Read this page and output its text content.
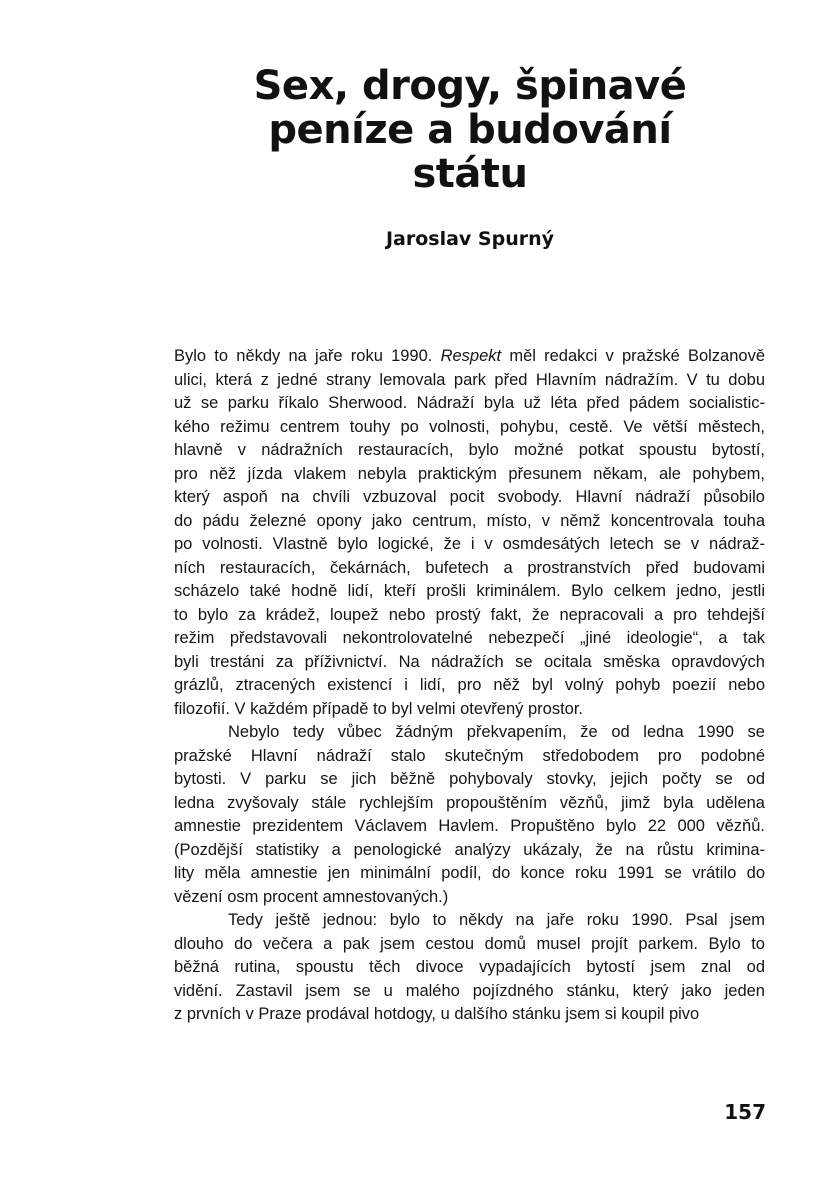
Sex, drogy, špinavé
peníze a budování
státu
Jaroslav Spurný
Bylo to někdy na jaře roku 1990. Respekt měl redakci v pražské Bolzanově
ulici, která z jedné strany lemovala park před Hlavním nádražím. V tu dobu
už se parku říkalo Sherwood. Nádraží byla už léta před pádem socialistic-
kého režimu centrem touhy po volnosti, pohybu, cestě. Ve větší městech,
hlavně v nádražních restauracích, bylo možné potkat spoustu bytostí,
pro něž jízda vlakem nebyla praktickým přesunem někam, ale pohybem,
který aspoň na chvíli vzbuzoval pocit svobody. Hlavní nádraží působilo
do pádu železné opony jako centrum, místo, v němž koncentrovala touha
po volnosti. Vlastně bylo logické, že i v osmdesátých letech se v nádraž-
ních restauracích, čekárnách, bufetech a prostranstvích před budovami
scházelo také hodně lidí, kteří prošli kriminálem. Bylo celkem jedno, jestli
to bylo za krádež, loupež nebo prostý fakt, že nepracovali a pro tehdejší
režim představovali nekontrolovatelné nebezpečí „jiné ideologie“, a tak
byli trestáni za příživnictví. Na nádražích se ocitala směska opravdových
grázlů, ztracených existencí i lidí, pro něž byl volný pohyb poezií nebo
filozofií. V každém případě to byl velmi otevřený prostor.
Nebylo tedy vůbec žádným překvapením, že od ledna 1990 se
pražské Hlavní nádraží stalo skutečným středobodem pro podobné
bytosti. V parku se jich běžně pohybovaly stovky, jejich počty se od
ledna zvyšovaly stále rychlejším propouštěním vězňů, jimž byla udělena
amnestie prezidentem Václavem Havlem. Propuštěno bylo 22 000 vězňů.
(Pozdější statistiky a penologické analýzy ukázaly, že na růstu krimina-
lity měla amnestie jen minimální podíl, do konce roku 1991 se vrátilo do
vězení osm procent amnestovaných.)
Tedy ještě jednou: bylo to někdy na jaře roku 1990. Psal jsem
dlouho do večera a pak jsem cestou domů musel projít parkem. Bylo to
běžná rutina, spoustu těch divoce vypadajících bytostí jsem znal od
vidění. Zastavil jsem se u malého pojízdného stánku, který jako jeden
z prvních v Praze prodával hotdogy, u dalšího stánku jsem si koupil pivo
157
